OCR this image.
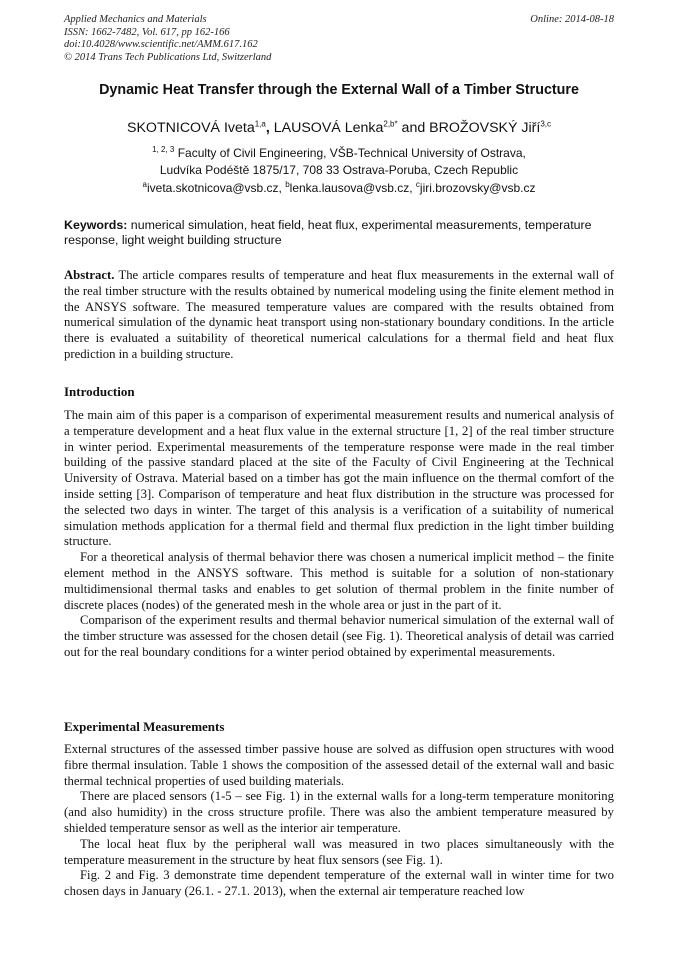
Applied Mechanics and Materials
ISSN: 1662-7482, Vol. 617, pp 162-166
doi:10.4028/www.scientific.net/AMM.617.162
© 2014 Trans Tech Publications Ltd, Switzerland
Online: 2014-08-18
Dynamic Heat Transfer through the External Wall of a Timber Structure
SKOTNICOVÁ Iveta$^{1,a}$, LAUSOVÁ Lenka$^{2,b*}$ and BROŽOVSKÝ Jiří$^{3,c}$
$^{1, 2, 3}$ Faculty of Civil Engineering, VŠB-Technical University of Ostrava,
Ludvíka Podéště 1875/17, 708 33 Ostrava-Poruba, Czech Republic
$^a$iveta.skotnicova@vsb.cz, $^b$lenka.lausova@vsb.cz, $^c$jiri.brozovsky@vsb.cz
Keywords: numerical simulation, heat field, heat flux, experimental measurements, temperature response, light weight building structure

Abstract. The article compares results of temperature and heat flux measurements in the external wall of the real timber structure with the results obtained by numerical modeling using the finite element method in the ANSYS software. The measured temperature values are compared with the results obtained from numerical simulation of the dynamic heat transport using non-stationary boundary conditions. In the article there is evaluated a suitability of theoretical numerical calculations for a thermal field and heat flux prediction in a building structure.

Introduction

The main aim of this paper is a comparison of experimental measurement results and numerical analysis of a temperature development and a heat flux value in the external structure [1, 2] of the real timber structure in winter period. Experimental measurements of the temperature response were made in the real timber building of the passive standard placed at the site of the Faculty of Civil Engineering at the Technical University of Ostrava. Material based on a timber has got the main influence on the thermal comfort of the inside setting [3]. Comparison of temperature and heat flux distribution in the structure was processed for the selected two days in winter. The target of this analysis is a verification of a suitability of numerical simulation methods application for a thermal field and thermal flux prediction in the light timber building structure.

For a theoretical analysis of thermal behavior there was chosen a numerical implicit method – the finite element method in the ANSYS software. This method is suitable for a solution of non-stationary multidimensional thermal tasks and enables to get solution of thermal problem in the finite number of discrete places (nodes) of the generated mesh in the whole area or just in the part of it.

Comparison of the experiment results and thermal behavior numerical simulation of the external wall of the timber structure was assessed for the chosen detail (see Fig. 1). Theoretical analysis of detail was carried out for the real boundary conditions for a winter period obtained by experimental measurements.

Experimental Measurements

External structures of the assessed timber passive house are solved as diffusion open structures with wood fibre thermal insulation. Table 1 shows the composition of the assessed detail of the external wall and basic thermal technical properties of used building materials.

There are placed sensors (1-5 – see Fig. 1) in the external walls for a long-term temperature monitoring (and also humidity) in the cross structure profile. There was also the ambient temperature measured by shielded temperature sensor as well as the interior air temperature.

The local heat flux by the peripheral wall was measured in two places simultaneously with the temperature measurement in the structure by heat flux sensors (see Fig. 1).

Fig. 2 and Fig. 3 demonstrate time dependent temperature of the external wall in winter time for two chosen days in January (26.1. - 27.1. 2013), when the external air temperature reached low
